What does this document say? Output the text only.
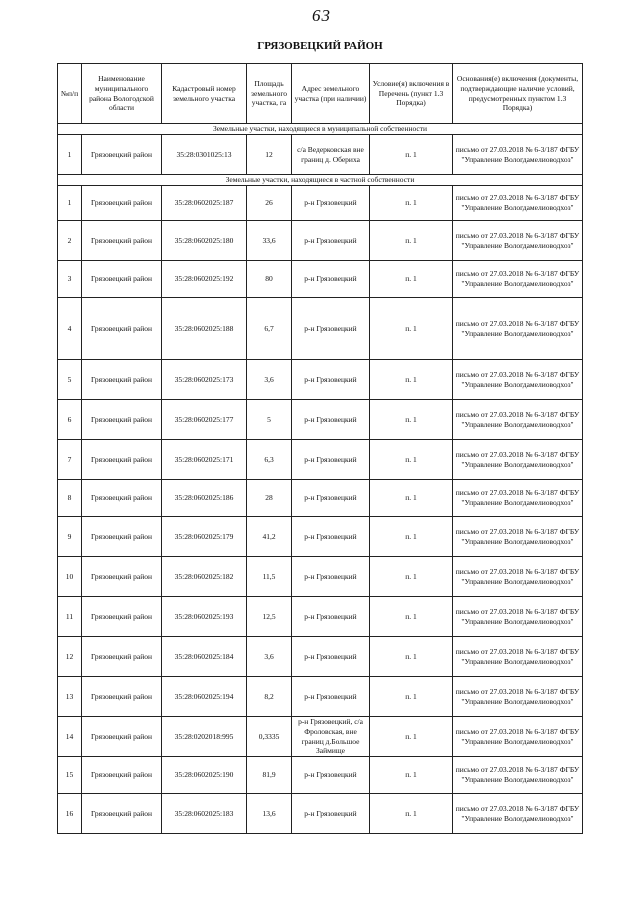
63
ГРЯЗОВЕЦКИЙ РАЙОН
№п/п	Наименование муниципального района Вологодской области	Кадастровый номер земельного участка	Площадь земельного участка, га	Адрес земельного участка (при наличии)	Условие(я) включения в Перечень (пункт 1.3 Порядка)	Основания(е) включения (документы, подтверждающие наличие условий, предусмотренных пунктом 1.3 Порядка)
Земельные участки, находящиеся в муниципальной собственности						
1	Грязовецкий район	35:28:0301025:13	12	с/а Ведерковская вне границ д. Обериха	п. 1	письмо от 27.03.2018 № 6-3/187 ФГБУ "Управление Вологдамелиоводхоз"
Земельные участки, находящиеся в частной собственности						
1	Грязовецкий район	35:28:0602025:187	26	р-н Грязовецкий	п. 1	письмо от 27.03.2018 № 6-3/187 ФГБУ "Управление Вологдамелиоводхоз"
2	Грязовецкий район	35:28:0602025:180	33,6	р-н Грязовецкий	п. 1	письмо от 27.03.2018 № 6-3/187 ФГБУ "Управление Вологдамелиоводхоз"
3	Грязовецкий район	35:28:0602025:192	80	р-н Грязовецкий	п. 1	письмо от 27.03.2018 № 6-3/187 ФГБУ "Управление Вологдамелиоводхоз"
4	Грязовецкий район	35:28:0602025:188	6,7	р-н Грязовецкий	п. 1	письмо от 27.03.2018 № 6-3/187 ФГБУ "Управление Вологдамелиоводхоз"
5	Грязовецкий район	35:28:0602025:173	3,6	р-н Грязовецкий	п. 1	письмо от 27.03.2018 № 6-3/187 ФГБУ "Управление Вологдамелиоводхоз"
6	Грязовецкий район	35:28:0602025:177	5	р-н Грязовецкий	п. 1	письмо от 27.03.2018 № 6-3/187 ФГБУ "Управление Вологдамелиоводхоз"
7	Грязовецкий район	35:28:0602025:171	6,3	р-н Грязовецкий	п. 1	письмо от 27.03.2018 № 6-3/187 ФГБУ "Управление Вологдамелиоводхоз"
8	Грязовецкий район	35:28:0602025:186	28	р-н Грязовецкий	п. 1	письмо от 27.03.2018 № 6-3/187 ФГБУ "Управление Вологдамелиоводхоз"
9	Грязовецкий район	35:28:0602025:179	41,2	р-н Грязовецкий	п. 1	письмо от 27.03.2018 № 6-3/187 ФГБУ "Управление Вологдамелиоводхоз"
10	Грязовецкий район	35:28:0602025:182	11,5	р-н Грязовецкий	п. 1	письмо от 27.03.2018 № 6-3/187 ФГБУ "Управление Вологдамелиоводхоз"
11	Грязовецкий район	35:28:0602025:193	12,5	р-н Грязовецкий	п. 1	письмо от 27.03.2018 № 6-3/187 ФГБУ "Управление Вологдамелиоводхоз"
12	Грязовецкий район	35:28:0602025:184	3,6	р-н Грязовецкий	п. 1	письмо от 27.03.2018 № 6-3/187 ФГБУ "Управление Вологдамелиоводхоз"
13	Грязовецкий район	35:28:0602025:194	8,2	р-н Грязовецкий	п. 1	письмо от 27.03.2018 № 6-3/187 ФГБУ "Управление Вологдамелиоводхоз"
14	Грязовецкий район	35:28:0202018:995	0,3335	р-н Грязовецкий, с/а Фроловская, вне границ д.Большое Займище	п. 1	письмо от 27.03.2018 № 6-3/187 ФГБУ "Управление Вологдамелиоводхоз"
15	Грязовецкий район	35:28:0602025:190	81,9	р-н Грязовецкий	п. 1	письмо от 27.03.2018 № 6-3/187 ФГБУ "Управление Вологдамелиоводхоз"
16	Грязовецкий район	35:28:0602025:183	13,6	р-н Грязовецкий	п. 1	письмо от 27.03.2018 № 6-3/187 ФГБУ "Управление Вологдамелиоводхоз"
